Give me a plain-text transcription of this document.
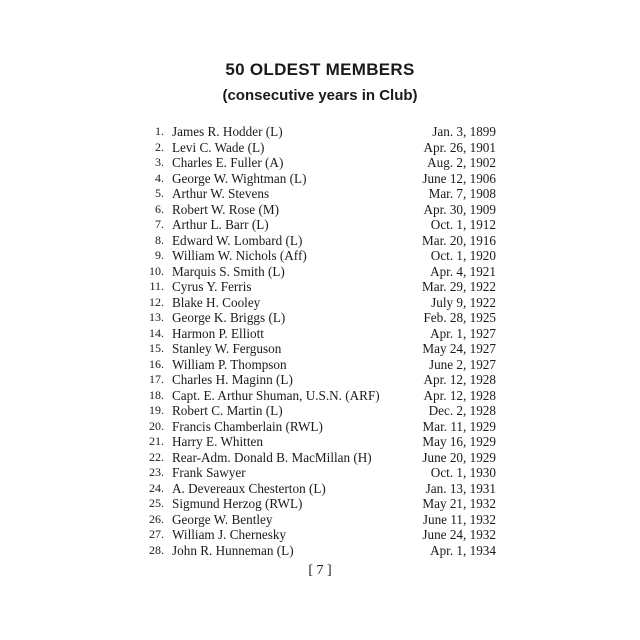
50 OLDEST MEMBERS
(consecutive years in Club)
1. James R. Hodder (L)	Jan. 3, 1899
2. Levi C. Wade (L)	Apr. 26, 1901
3. Charles E. Fuller (A)	Aug. 2, 1902
4. George W. Wightman (L)	June 12, 1906
5. Arthur W. Stevens	Mar. 7, 1908
6. Robert W. Rose (M)	Apr. 30, 1909
7. Arthur L. Barr (L)	Oct. 1, 1912
8. Edward W. Lombard (L)	Mar. 20, 1916
9. William W. Nichols (Aff)	Oct. 1, 1920
10. Marquis S. Smith (L)	Apr. 4, 1921
11. Cyrus Y. Ferris	Mar. 29, 1922
12. Blake H. Cooley	July 9, 1922
13. George K. Briggs (L)	Feb. 28, 1925
14. Harmon P. Elliott	Apr. 1, 1927
15. Stanley W. Ferguson	May 24, 1927
16. William P. Thompson	June 2, 1927
17. Charles H. Maginn (L)	Apr. 12, 1928
18. Capt. E. Arthur Shuman, U.S.N. (ARF)	Apr. 12, 1928
19. Robert C. Martin (L)	Dec. 2, 1928
20. Francis Chamberlain (RWL)	Mar. 11, 1929
21. Harry E. Whitten	May 16, 1929
22. Rear-Adm. Donald B. MacMillan (H)	June 20, 1929
23. Frank Sawyer	Oct. 1, 1930
24. A. Devereaux Chesterton (L)	Jan. 13, 1931
25. Sigmund Herzog (RWL)	May 21, 1932
26. George W. Bentley	June 11, 1932
27. William J. Chernesky	June 24, 1932
28. John R. Hunneman (L)	Apr. 1, 1934
[ 7 ]
